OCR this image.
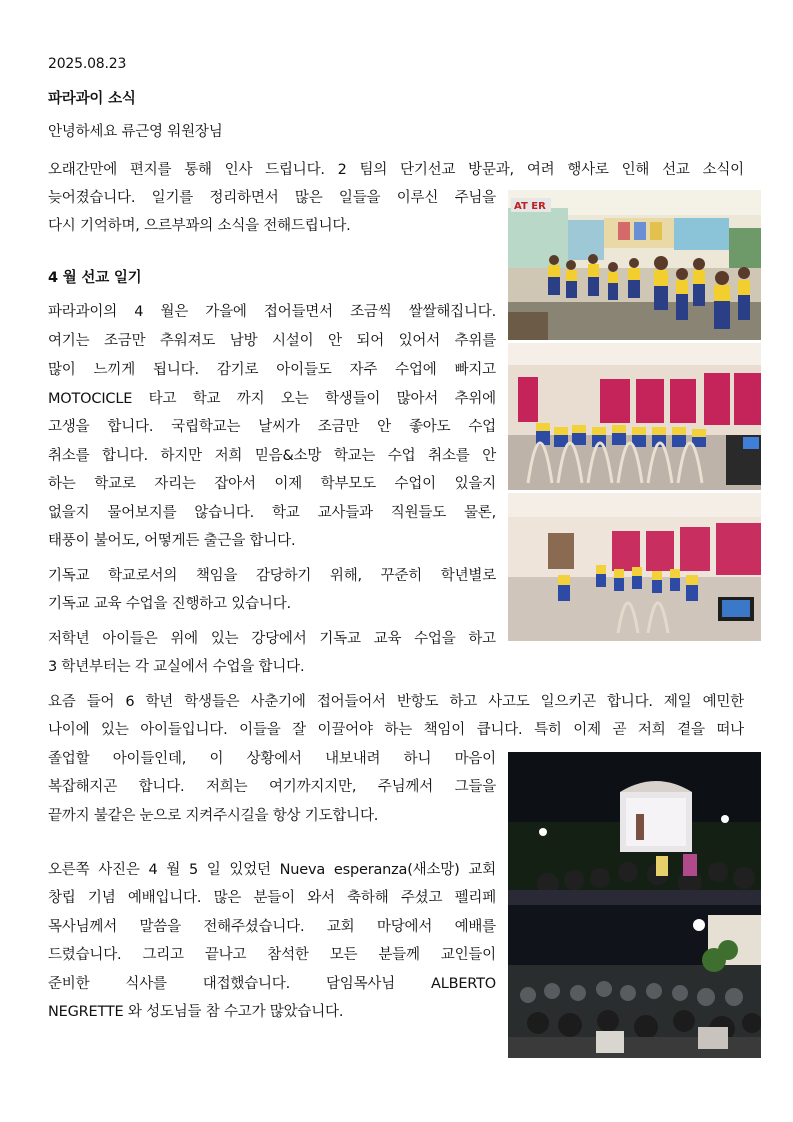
2025.08.23
파라과이 소식
안녕하세요 류근영 워원장님
오래간만에 편지를 통해 인사 드립니다. 2 팀의 단기선교 방문과, 여려 행사로 인해 선교 소식이
늦어졌습니다. 일기를 정리하면서 많은 일들을 이루신 주님을
다시 기억하며, 으르부꽈의 소식을 전해드립니다.
4 월 선교 일기
파라과이의 4 월은 가을에 접어들면서 조금씩 쌀쌀해집니다.
여기는 조금만 추워져도 남방 시설이 안 되어 있어서 추위를
많이 느끼게 됩니다. 감기로 아이들도 자주 수업에 빠지고
MOTOCICLE 타고 학교 까지 오는 학생들이 많아서 추위에
고생을 합니다. 국립학교는 날씨가 조금만 안 좋아도 수업
취소를 합니다. 하지만 저희 믿음&소망 학교는 수업 취소를 안
하는 학교로 자리는 잡아서 이제 학부모도 수업이 있을지
없을지 물어보지를 않습니다. 학교 교사들과 직원들도 물론,
태풍이 불어도, 어떻게든 출근을 합니다.
기독교 학교로서의 책임을 감당하기 위해, 꾸준히 학년별로
기독교 교육 수업을 진행하고 있습니다.
저학년 아이들은 위에 있는 강당에서 기독교 교육 수업을 하고
3 학년부터는 각 교실에서 수업을 합니다.
요즘 들어 6 학년 학생들은 사춘기에 접어들어서 반항도 하고 사고도 일으키곤 합니다. 제일 예민한
나이에 있는 아이들입니다. 이들을 잘 이끌어야 하는 책임이 큽니다. 특히 이제 곧 저희 곁을 떠나
졸업할 아이들인데, 이 상황에서 내보내려 하니 마음이
복잡해지곤 합니다. 저희는 여기까지지만, 주님께서 그들을
끝까지 불같은 눈으로 지켜주시길을 항상 기도합니다.
오른쪽 사진은 4 월 5 일 있었던 Nueva esperanza(새소망) 교회
창립 기념 예배입니다. 많은 분들이 와서 축하해 주셨고 펠리페
목사님께서 말씀을 전해주셨습니다. 교회 마당에서 예배를
드렸습니다. 그리고 끝나고 참석한 모든 분들께 교인들이
준비한 식사를 대접했습니다. 담임목사님 ALBERTO
NEGRETTE 와 성도님들 참 수고가 많았습니다.
AT ER
